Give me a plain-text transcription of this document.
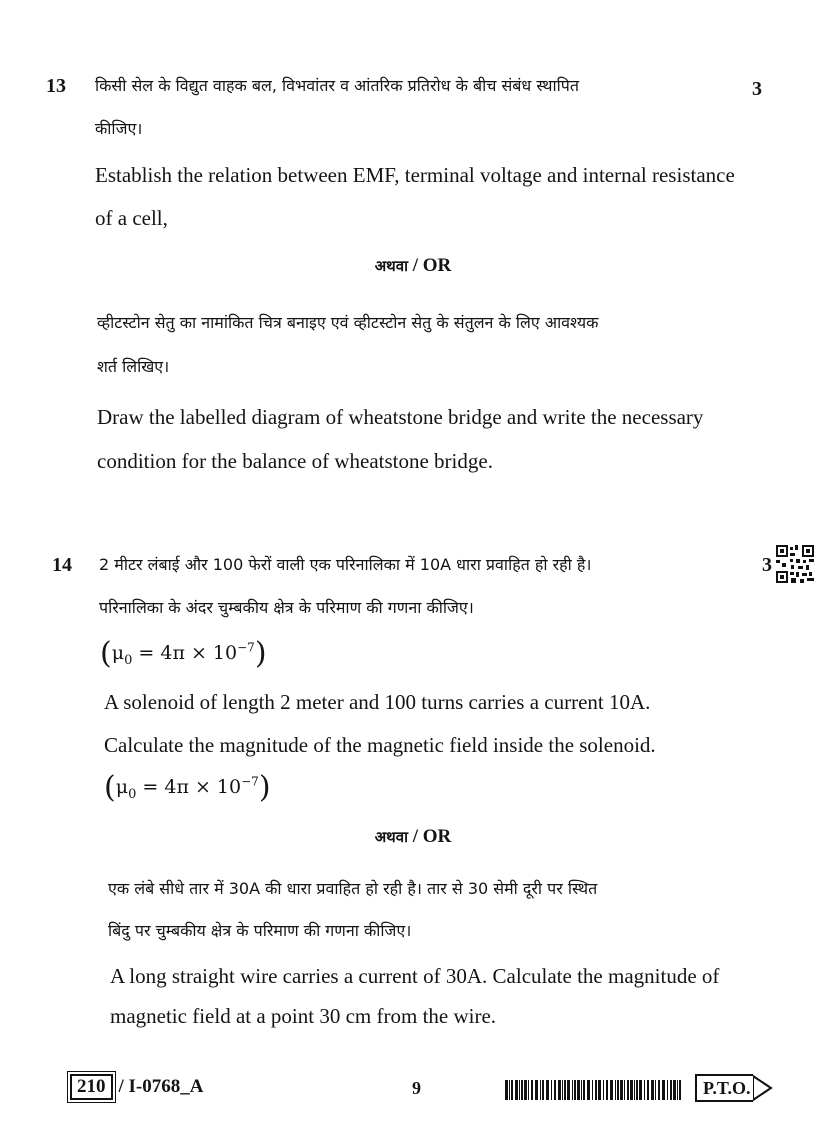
13	3
किसी सेल के विद्युत वाहक बल, विभवांतर व आंतरिक प्रतिरोध के बीच संबंध स्थापित
कीजिए।
Establish the relation between EMF, terminal voltage and internal resistance
of a cell,
अथवा / OR
व्हीटस्टोन सेतु का नामांकित चित्र बनाइए एवं व्हीटस्टोन सेतु के संतुलन के लिए आवश्यक
शर्त लिखिए।
Draw the labelled diagram of wheatstone bridge and write the necessary
condition for the balance of wheatstone bridge.
14	3
2 मीटर लंबाई और 100 फेरों वाली एक परिनालिका में 10A धारा प्रवाहित हो रही है।
परिनालिका के अंदर चुम्बकीय क्षेत्र के परिमाण की गणना कीजिए।
$(\mu_0 = 4\pi \times 10^{-7})$
A solenoid of length 2 meter and 100 turns carries a current 10A.
Calculate the magnitude of the magnetic field inside the solenoid.
$(\mu_0 = 4\pi \times 10^{-7})$
अथवा / OR
एक लंबे सीधे तार में 30A की धारा प्रवाहित हो रही है। तार से 30 सेमी दूरी पर स्थित
बिंदु पर चुम्बकीय क्षेत्र के परिमाण की गणना कीजिए।
A long straight wire carries a current of 30A. Calculate the magnitude of
magnetic field at a point 30 cm from the wire.
210 / I-0768_A	9	P.T.O.
